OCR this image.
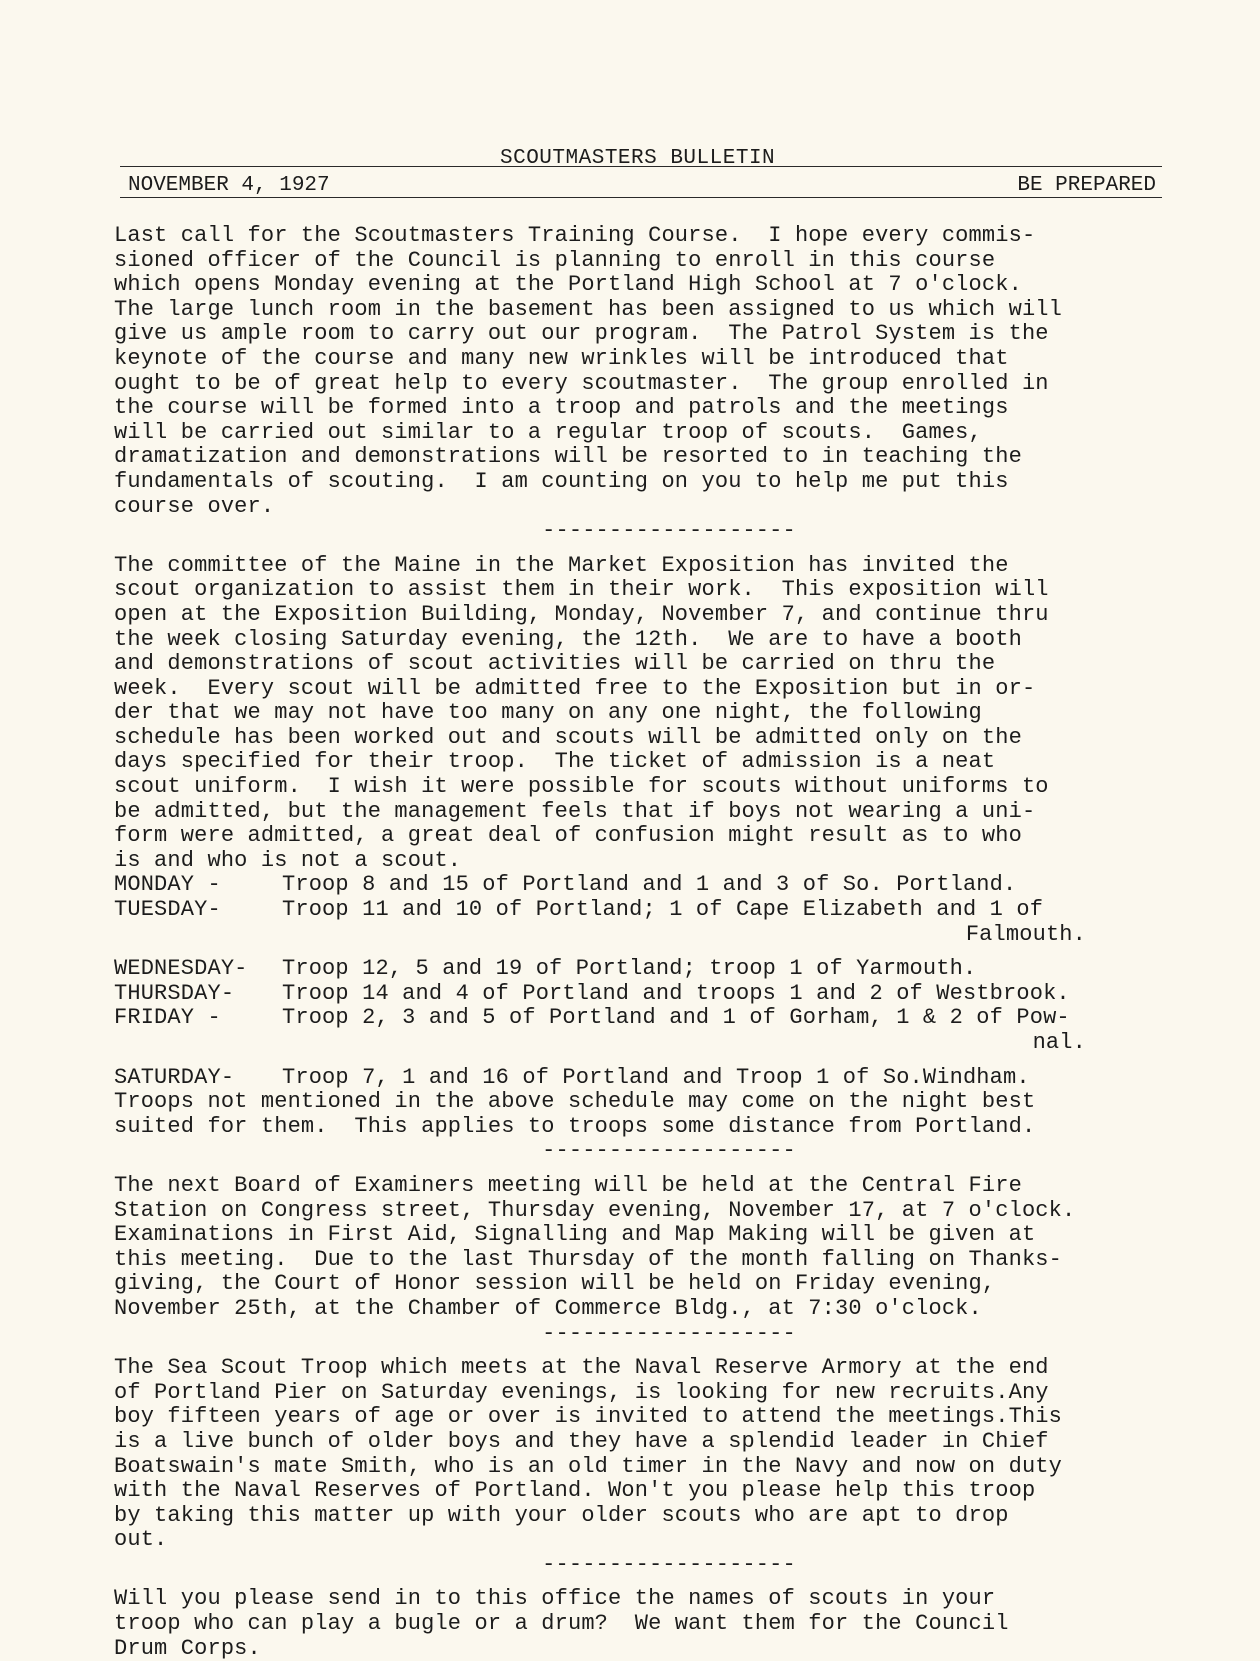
SCOUTMASTERS BULLETIN
NOVEMBER 4, 1927	BE PREPARED
Last call for the Scoutmasters Training Course.  I hope every commis-
sioned officer of the Council is planning to enroll in this course
which opens Monday evening at the Portland High School at 7 o'clock.
The large lunch room in the basement has been assigned to us which will
give us ample room to carry out our program.  The Patrol System is the
keynote of the course and many new wrinkles will be introduced that
ought to be of great help to every scoutmaster.  The group enrolled in
the course will be formed into a troop and patrols and the meetings
will be carried out similar to a regular troop of scouts.  Games,
dramatization and demonstrations will be resorted to in teaching the
fundamentals of scouting.  I am counting on you to help me put this
course over.
-------------------
The committee of the Maine in the Market Exposition has invited the
scout organization to assist them in their work.  This exposition will
open at the Exposition Building, Monday, November 7, and continue thru
the week closing Saturday evening, the 12th.  We are to have a booth
and demonstrations of scout activities will be carried on thru the
week.  Every scout will be admitted free to the Exposition but in or-
der that we may not have too many on any one night, the following
schedule has been worked out and scouts will be admitted only on the
days specified for their troop.  The ticket of admission is a neat
scout uniform.  I wish it were possible for scouts without uniforms to
be admitted, but the management feels that if boys not wearing a uni-
form were admitted, a great deal of confusion might result as to who
is and who is not a scout.
MONDAY -	Troop 8 and 15 of Portland and 1 and 3 of So. Portland.
TUESDAY-	Troop 11 and 10 of Portland; 1 of Cape Elizabeth and 1 of
Falmouth.
WEDNESDAY-	Troop 12, 5 and 19 of Portland; troop 1 of Yarmouth.
THURSDAY-	Troop 14 and 4 of Portland and troops 1 and 2 of Westbrook.
FRIDAY -	Troop 2, 3 and 5 of Portland and 1 of Gorham, 1 & 2 of Pow-
nal.
SATURDAY-	Troop 7, 1 and 16 of Portland and Troop 1 of So.Windham.
Troops not mentioned in the above schedule may come on the night best
suited for them.  This applies to troops some distance from Portland.
-------------------
The next Board of Examiners meeting will be held at the Central Fire
Station on Congress street, Thursday evening, November 17, at 7 o'clock.
Examinations in First Aid, Signalling and Map Making will be given at
this meeting.  Due to the last Thursday of the month falling on Thanks-
giving, the Court of Honor session will be held on Friday evening,
November 25th, at the Chamber of Commerce Bldg., at 7:30 o'clock.
-------------------
The Sea Scout Troop which meets at the Naval Reserve Armory at the end
of Portland Pier on Saturday evenings, is looking for new recruits.Any
boy fifteen years of age or over is invited to attend the meetings.This
is a live bunch of older boys and they have a splendid leader in Chief
Boatswain's mate Smith, who is an old timer in the Navy and now on duty
with the Naval Reserves of Portland. Won't you please help this troop
by taking this matter up with your older scouts who are apt to drop
out.
-------------------
Will you please send in to this office the names of scouts in your
troop who can play a bugle or a drum?  We want them for the Council
Drum Corps.
